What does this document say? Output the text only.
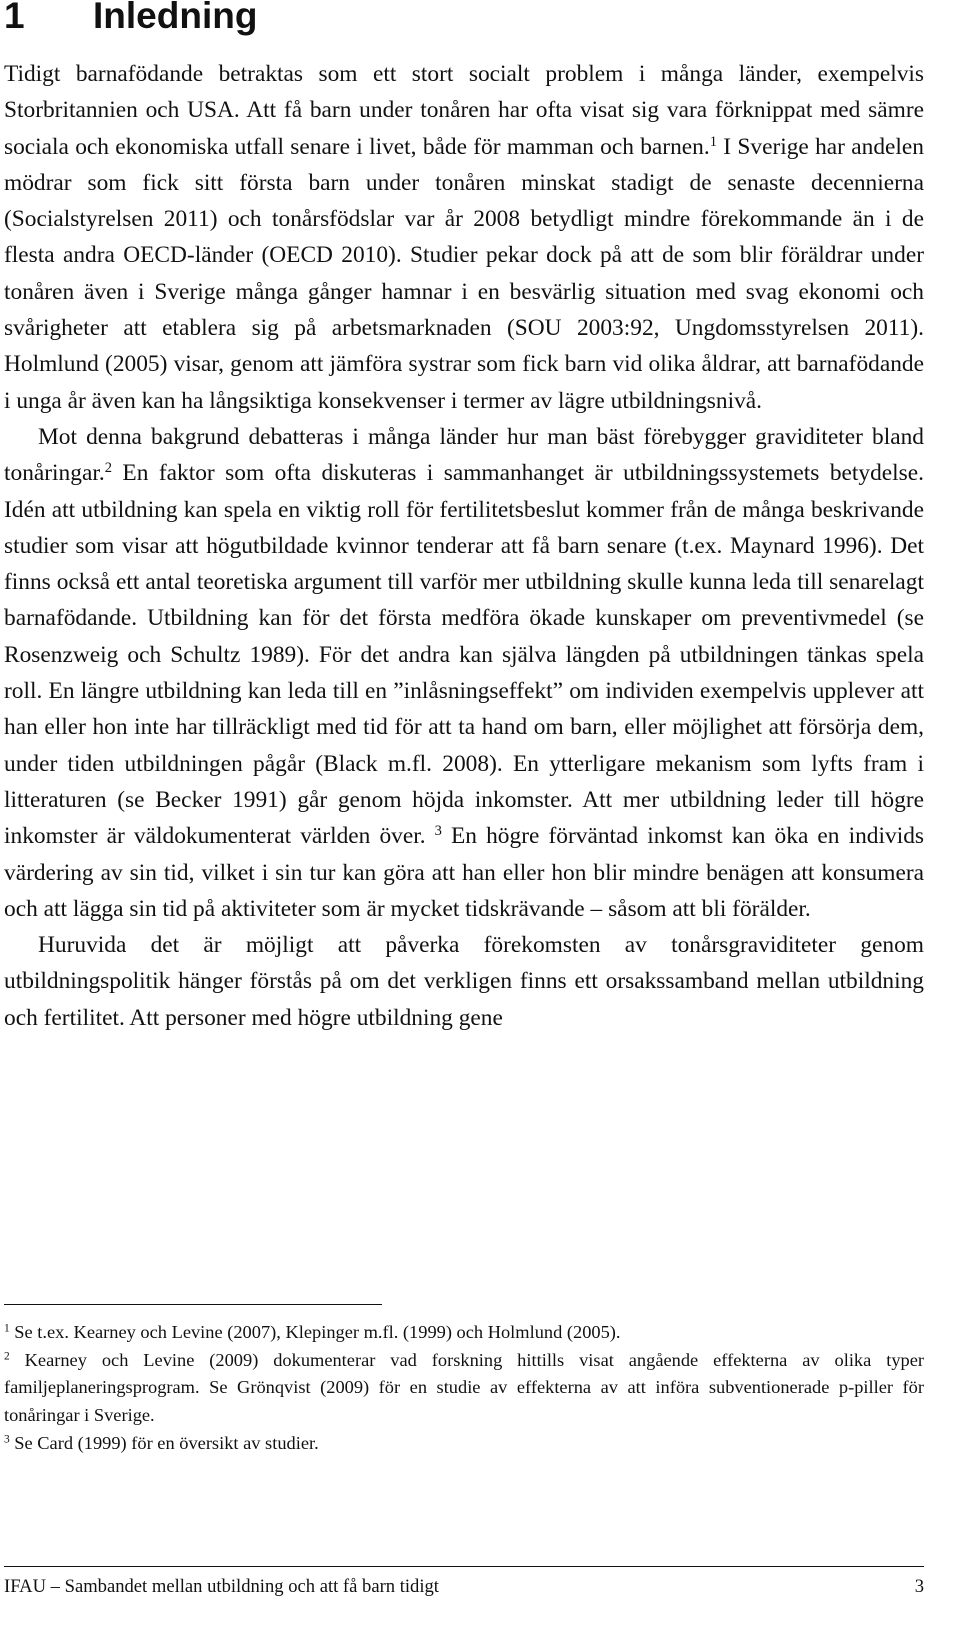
1 Inledning

Tidigt barnafödande betraktas som ett stort socialt problem i många länder, exempelvis Storbritannien och USA. Att få barn under tonåren har ofta visat sig vara förknippat med sämre sociala och ekonomiska utfall senare i livet, både för mamman och barnen.$^1$ I Sverige har andelen mödrar som fick sitt första barn under tonåren minskat stadigt de senaste decennierna (Socialstyrelsen 2011) och tonårsfödslar var år 2008 betydligt mindre förekommande än i de flesta andra OECD-länder (OECD 2010). Studier pekar dock på att de som blir föräldrar under tonåren även i Sverige många gånger hamnar i en besvärlig situation med svag ekonomi och svårigheter att etablera sig på arbetsmarknaden (SOU 2003:92, Ungdomsstyrelsen 2011). Holmlund (2005) visar, genom att jämföra systrar som fick barn vid olika åldrar, att barnafödande i unga år även kan ha långsiktiga konsekvenser i termer av lägre utbildningsnivå.

Mot denna bakgrund debatteras i många länder hur man bäst förebygger graviditeter bland tonåringar.$^2$ En faktor som ofta diskuteras i sammanhanget är utbildningssystemets betydelse. Idén att utbildning kan spela en viktig roll för fertilitetsbeslut kommer från de många beskrivande studier som visar att högutbildade kvinnor tenderar att få barn senare (t.ex. Maynard 1996). Det finns också ett antal teoretiska argument till varför mer utbildning skulle kunna leda till senarelagt barnafödande. Utbildning kan för det första medföra ökade kunskaper om preventivmedel (se Rosenzweig och Schultz 1989). För det andra kan själva längden på utbildningen tänkas spela roll. En längre utbildning kan leda till en ”inlåsningseffekt” om individen exempelvis upplever att han eller hon inte har tillräckligt med tid för att ta hand om barn, eller möjlighet att försörja dem, under tiden utbildningen pågår (Black m.fl. 2008). En ytterligare mekanism som lyfts fram i litteraturen (se Becker 1991) går genom höjda inkomster. Att mer utbildning leder till högre inkomster är väldokumenterat världen över. $^3$ En högre förväntad inkomst kan öka en individs värdering av sin tid, vilket i sin tur kan göra att han eller hon blir mindre benägen att konsumera och att lägga sin tid på aktiviteter som är mycket tidskrävande – såsom att bli förälder.

Huruvida det är möjligt att påverka förekomsten av tonårsgraviditeter genom utbildningspolitik hänger förstås på om det verkligen finns ett orsakssamband mellan utbildning och fertilitet. Att personer med högre utbildning gene

$^1$ Se t.ex. Kearney och Levine (2007), Klepinger m.fl. (1999) och Holmlund (2005).

$^2$ Kearney och Levine (2009) dokumenterar vad forskning hittills visat angående effekterna av olika typer familjeplaneringsprogram. Se Grönqvist (2009) för en studie av effekterna av att införa subventionerade p-piller för tonåringar i Sverige.

$^3$ Se Card (1999) för en översikt av studier.

IFAU – Sambandet mellan utbildning och att få barn tidigt	3
